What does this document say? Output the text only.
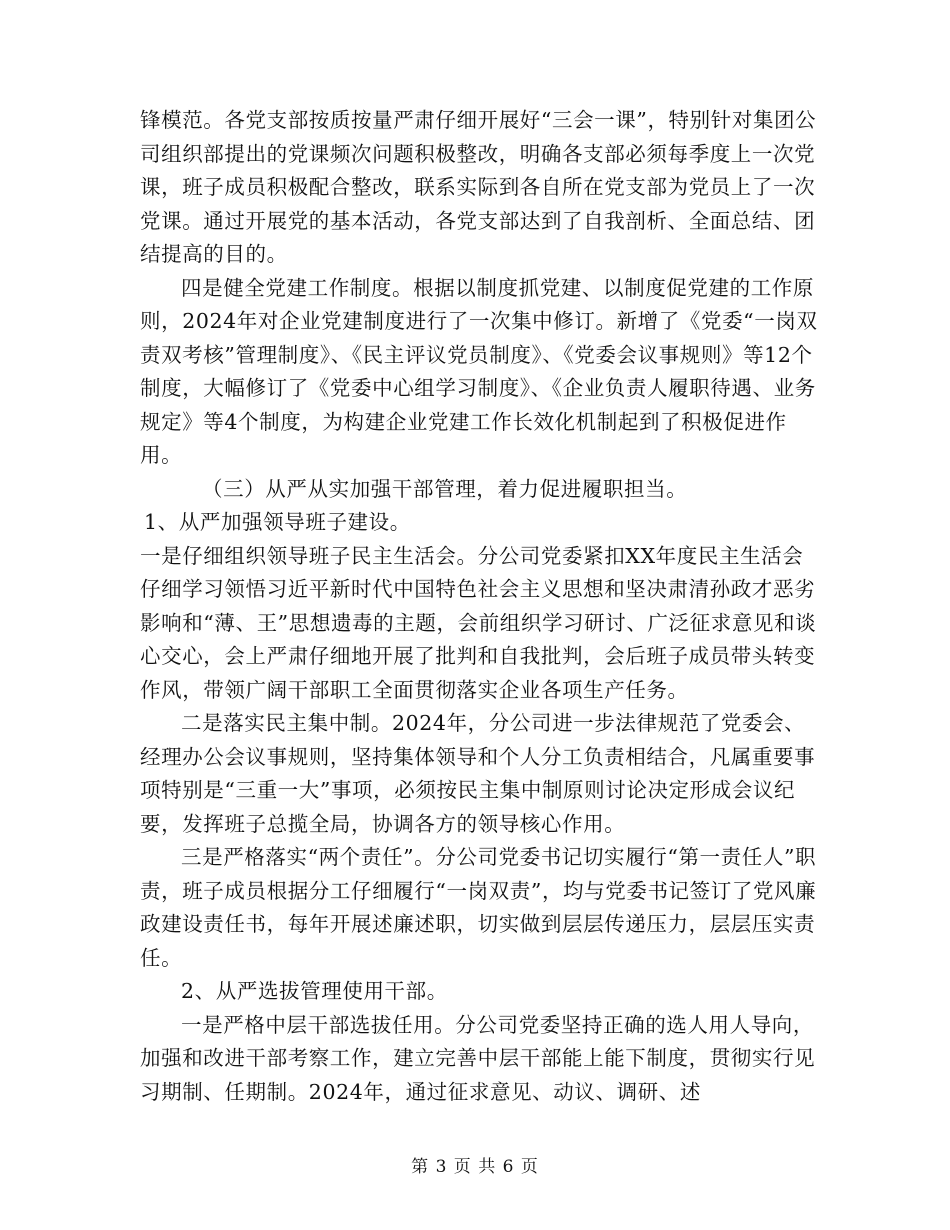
锋模范。各党支部按质按量严肃仔细开展好“三会一课”，特别针对集团公司组织部提出的党课频次问题积极整改，明确各支部必须每季度上一次党课，班子成员积极配合整改，联系实际到各自所在党支部为党员上了一次党课。通过开展党的基本活动，各党支部达到了自我剖析、全面总结、团结提高的目的。

四是健全党建工作制度。根据以制度抓党建、以制度促党建的工作原则，2024年对企业党建制度进行了一次集中修订。新增了《党委“一岗双责双考核”管理制度》、《民主评议党员制度》、《党委会议事规则》等12个制度，大幅修订了《党委中心组学习制度》、《企业负责人履职待遇、业务规定》等4个制度，为构建企业党建工作长效化机制起到了积极促进作用。

（三）从严从实加强干部管理，着力促进履职担当。

1、从严加强领导班子建设。

一是仔细组织领导班子民主生活会。分公司党委紧扣XX年度民主生活会仔细学习领悟习近平新时代中国特色社会主义思想和坚决肃清孙政才恶劣影响和“薄、王”思想遗毒的主题，会前组织学习研讨、广泛征求意见和谈心交心，会上严肃仔细地开展了批判和自我批判，会后班子成员带头转变作风，带领广阔干部职工全面贯彻落实企业各项生产任务。

二是落实民主集中制。2024年，分公司进一步法律规范了党委会、经理办公会议事规则，坚持集体领导和个人分工负责相结合，凡属重要事项特别是“三重一大”事项，必须按民主集中制原则讨论决定形成会议纪要，发挥班子总揽全局，协调各方的领导核心作用。

三是严格落实“两个责任”。分公司党委书记切实履行“第一责任人”职责，班子成员根据分工仔细履行“一岗双责”，均与党委书记签订了党风廉政建设责任书，每年开展述廉述职，切实做到层层传递压力，层层压实责任。

2、从严选拔管理使用干部。

一是严格中层干部选拔任用。分公司党委坚持正确的选人用人导向，加强和改进干部考察工作，建立完善中层干部能上能下制度，贯彻实行见习期制、任期制。2024年，通过征求意见、动议、调研、述

第 3 页 共 6 页
